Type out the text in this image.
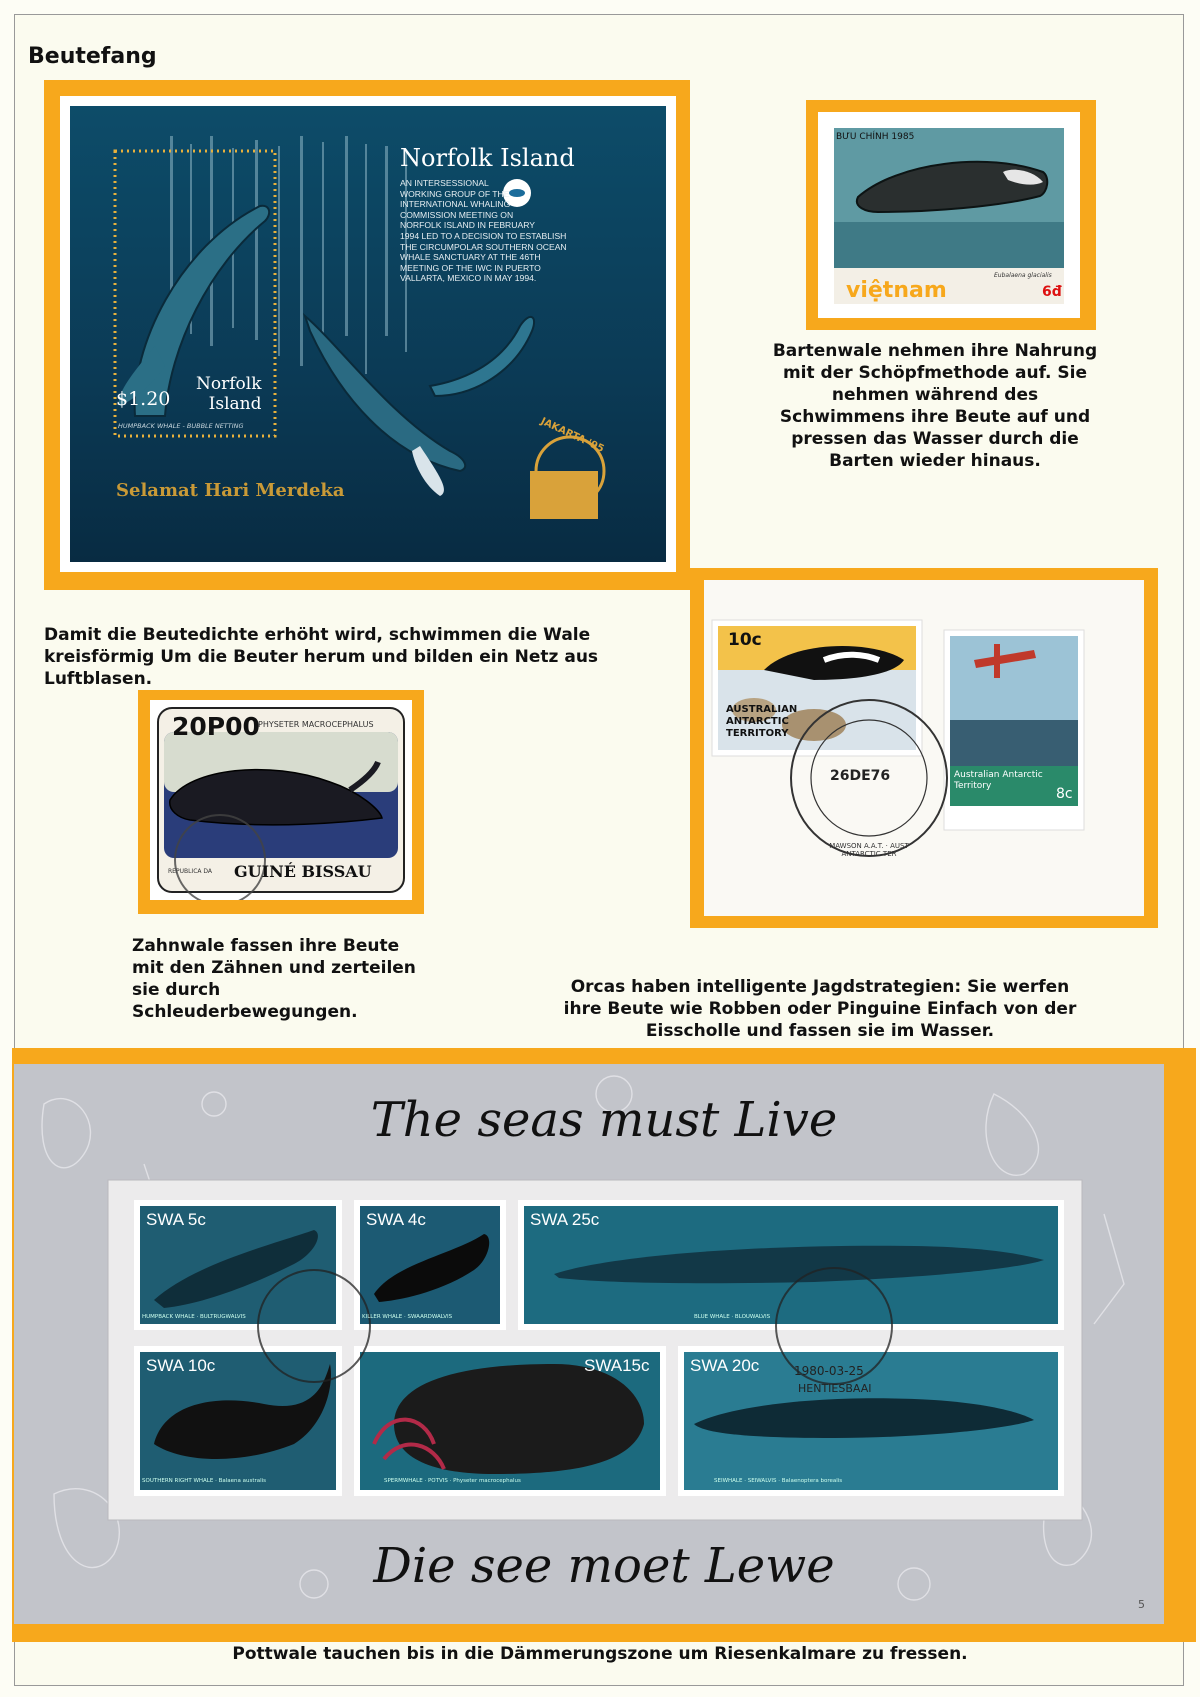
Beutefang
Norfolk Island
AN INTERSESSIONAL
WORKING GROUP OF THE
INTERNATIONAL WHALING
COMMISSION MEETING ON
NORFOLK ISLAND IN FEBRUARY
1994 LED TO A DECISION TO ESTABLISH
THE CIRCUMPOLAR SOUTHERN OCEAN
WHALE SANCTUARY AT THE 46TH
MEETING OF THE IWC IN PUERTO
VALLARTA, MEXICO IN MAY 1994.
$1.20
Norfolk
Island
HUMPBACK WHALE - BUBBLE NETTING
Selamat Hari Merdeka
JAKARTA '95
BƯU CHÍNH 1985
việtnam
Eubalaena glacialis
6đ
Bartenwale nehmen ihre Nahrung mit der Schöpfmethode auf. Sie nehmen während des Schwimmens ihre Beute auf und pressen das Wasser durch die Barten wieder hinaus.
Damit die Beutedichte erhöht wird, schwimmen die Wale kreisförmig Um die Beuter herum und bilden ein Netz aus Luftblasen.
20P00
PHYSETER MACROCEPHALUS
REPUBLICA DA GUINÉ BISSAU
Zahnwale fassen ihre Beute mit den Zähnen und zerteilen sie durch Schleuderbewegungen.
10c
AUSTRALIAN
ANTARCTIC
TERRITORY
Australian Antarctic Territory	8c
26DE76
MAWSON A.A.T. · AUST ANTARCTIC TER
Orcas haben intelligente Jagdstrategien: Sie werfen ihre Beute wie Robben oder Pinguine Einfach von der Eisscholle und fassen sie im Wasser.
The seas must Live
Die see moet Lewe
SWA 5c
HUMPBACK WHALE · BULTRUGWALVIS
SWA 4c
KILLER WHALE · SWAARDWALVIS
SWA 25c
BLUE WHALE · BLOUWALVIS
SWA 10c
SOUTHERN RIGHT WHALE · Balaena australis
SWA15c
SPERMWHALE · POTVIS · Physeter macrocephalus
SWA 20c
SEIWHALE · SEIWALVIS · Balaenoptera borealis
1980-03-25
HENTIESBAAI
5
Pottwale tauchen bis in die Dämmerungszone um Riesenkalmare zu fressen.
